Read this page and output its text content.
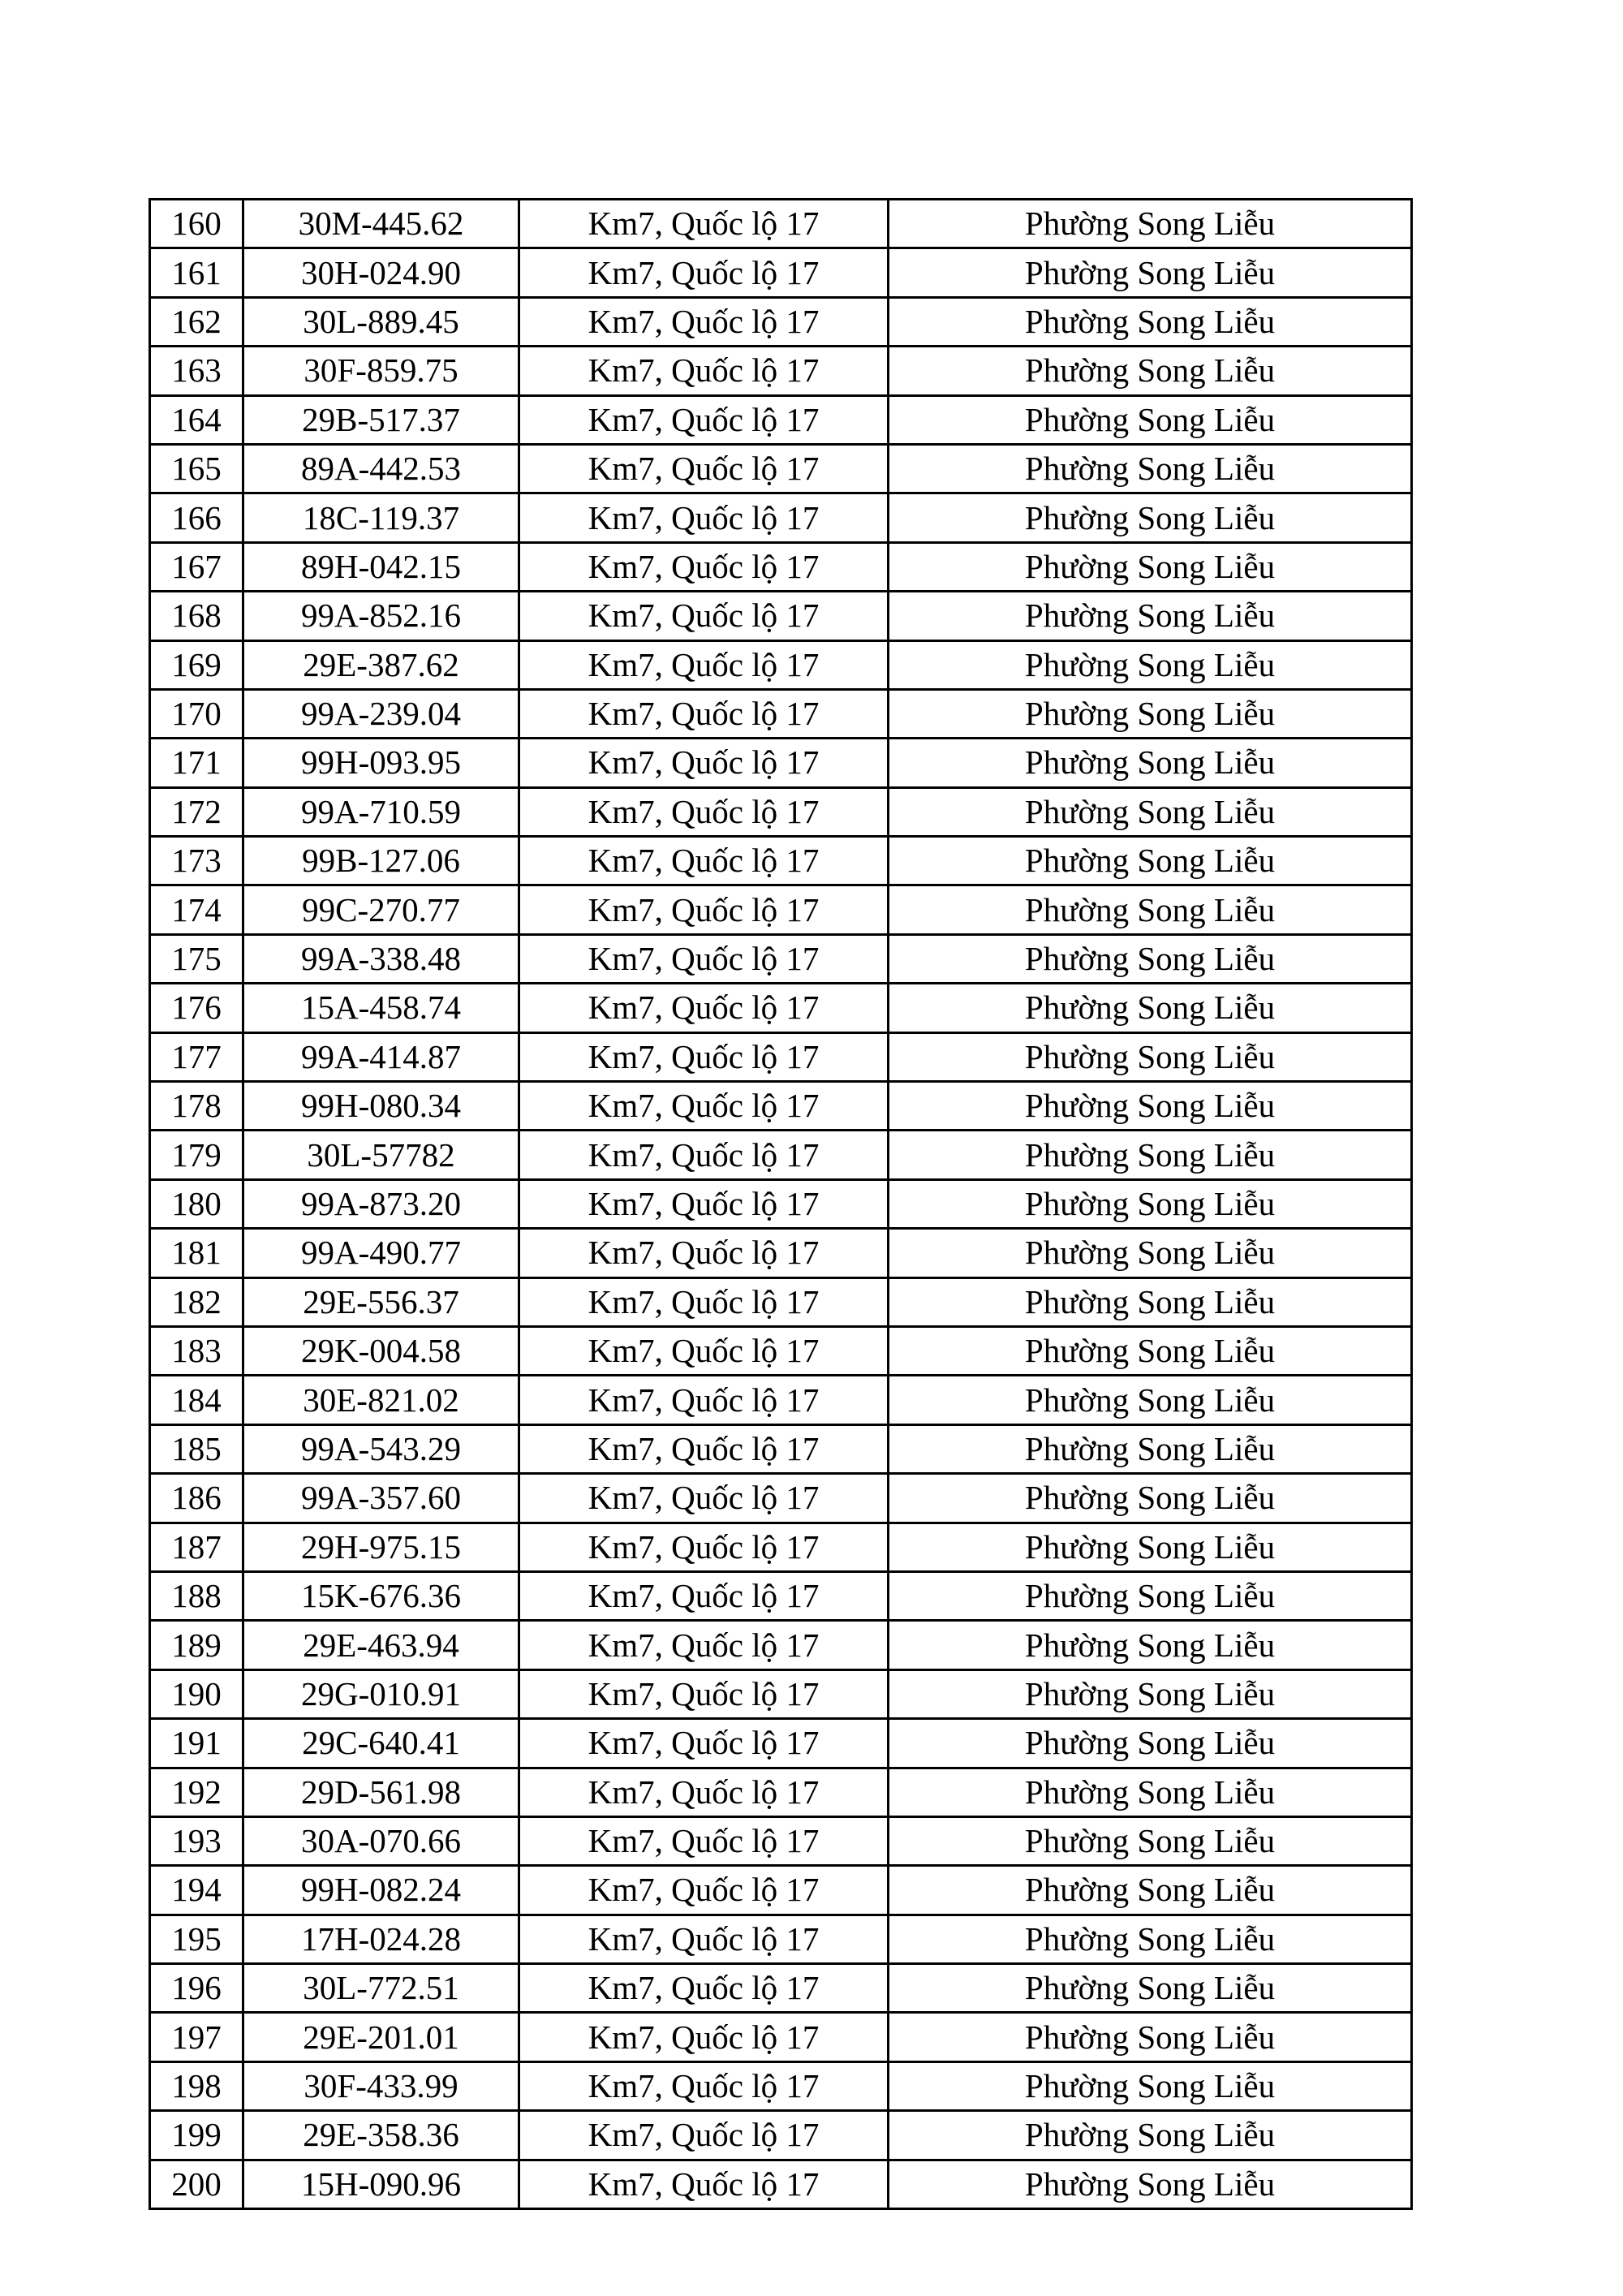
160	30M-445.62	Km7, Quốc lộ 17	Phường Song Liễu
161	30H-024.90	Km7, Quốc lộ 17	Phường Song Liễu
162	30L-889.45	Km7, Quốc lộ 17	Phường Song Liễu
163	30F-859.75	Km7, Quốc lộ 17	Phường Song Liễu
164	29B-517.37	Km7, Quốc lộ 17	Phường Song Liễu
165	89A-442.53	Km7, Quốc lộ 17	Phường Song Liễu
166	18C-119.37	Km7, Quốc lộ 17	Phường Song Liễu
167	89H-042.15	Km7, Quốc lộ 17	Phường Song Liễu
168	99A-852.16	Km7, Quốc lộ 17	Phường Song Liễu
169	29E-387.62	Km7, Quốc lộ 17	Phường Song Liễu
170	99A-239.04	Km7, Quốc lộ 17	Phường Song Liễu
171	99H-093.95	Km7, Quốc lộ 17	Phường Song Liễu
172	99A-710.59	Km7, Quốc lộ 17	Phường Song Liễu
173	99B-127.06	Km7, Quốc lộ 17	Phường Song Liễu
174	99C-270.77	Km7, Quốc lộ 17	Phường Song Liễu
175	99A-338.48	Km7, Quốc lộ 17	Phường Song Liễu
176	15A-458.74	Km7, Quốc lộ 17	Phường Song Liễu
177	99A-414.87	Km7, Quốc lộ 17	Phường Song Liễu
178	99H-080.34	Km7, Quốc lộ 17	Phường Song Liễu
179	30L-57782	Km7, Quốc lộ 17	Phường Song Liễu
180	99A-873.20	Km7, Quốc lộ 17	Phường Song Liễu
181	99A-490.77	Km7, Quốc lộ 17	Phường Song Liễu
182	29E-556.37	Km7, Quốc lộ 17	Phường Song Liễu
183	29K-004.58	Km7, Quốc lộ 17	Phường Song Liễu
184	30E-821.02	Km7, Quốc lộ 17	Phường Song Liễu
185	99A-543.29	Km7, Quốc lộ 17	Phường Song Liễu
186	99A-357.60	Km7, Quốc lộ 17	Phường Song Liễu
187	29H-975.15	Km7, Quốc lộ 17	Phường Song Liễu
188	15K-676.36	Km7, Quốc lộ 17	Phường Song Liễu
189	29E-463.94	Km7, Quốc lộ 17	Phường Song Liễu
190	29G-010.91	Km7, Quốc lộ 17	Phường Song Liễu
191	29C-640.41	Km7, Quốc lộ 17	Phường Song Liễu
192	29D-561.98	Km7, Quốc lộ 17	Phường Song Liễu
193	30A-070.66	Km7, Quốc lộ 17	Phường Song Liễu
194	99H-082.24	Km7, Quốc lộ 17	Phường Song Liễu
195	17H-024.28	Km7, Quốc lộ 17	Phường Song Liễu
196	30L-772.51	Km7, Quốc lộ 17	Phường Song Liễu
197	29E-201.01	Km7, Quốc lộ 17	Phường Song Liễu
198	30F-433.99	Km7, Quốc lộ 17	Phường Song Liễu
199	29E-358.36	Km7, Quốc lộ 17	Phường Song Liễu
200	15H-090.96	Km7, Quốc lộ 17	Phường Song Liễu
